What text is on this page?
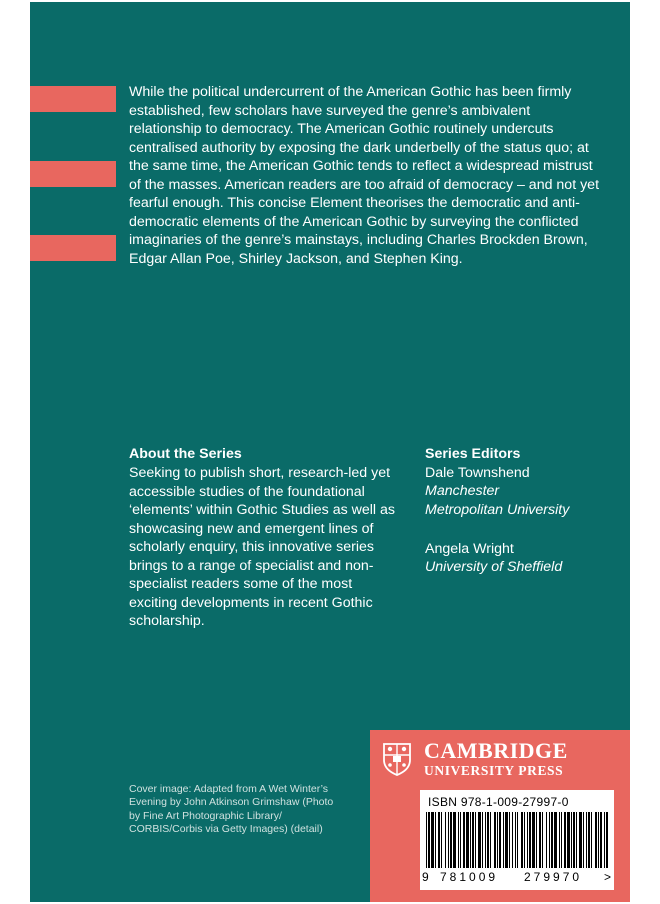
While the political undercurrent of the American Gothic has been firmly established, few scholars have surveyed the genre’s ambivalent relationship to democracy. The American Gothic routinely undercuts centralised authority by exposing the dark underbelly of the status quo; at the same time, the American Gothic tends to reflect a widespread mistrust of the masses. American readers are too afraid of democracy – and not yet fearful enough. This concise Element theorises the democratic and anti-democratic elements of the American Gothic by surveying the conflicted imaginaries of the genre’s mainstays, including Charles Brockden Brown, Edgar Allan Poe, Shirley Jackson, and Stephen King.

About the Series

Seeking to publish short, research-led yet accessible studies of the foundational ‘elements’ within Gothic Studies as well as showcasing new and emergent lines of scholarly enquiry, this innovative series brings to a range of specialist and non-specialist readers some of the most exciting developments in recent Gothic scholarship.

Series Editors
Dale Townshend

Manchester Metropolitan University

Angela Wright

University of Sheffield

Cover image: Adapted from A Wet Winter’s Evening by John Atkinson Grimshaw (Photo by Fine Art Photographic Library/ CORBIS/Corbis via Getty Images) (detail)

CAMBRIDGE
UNIVERSITY PRESS
ISBN 978-1-009-27997-0
9 781009 279970 >
